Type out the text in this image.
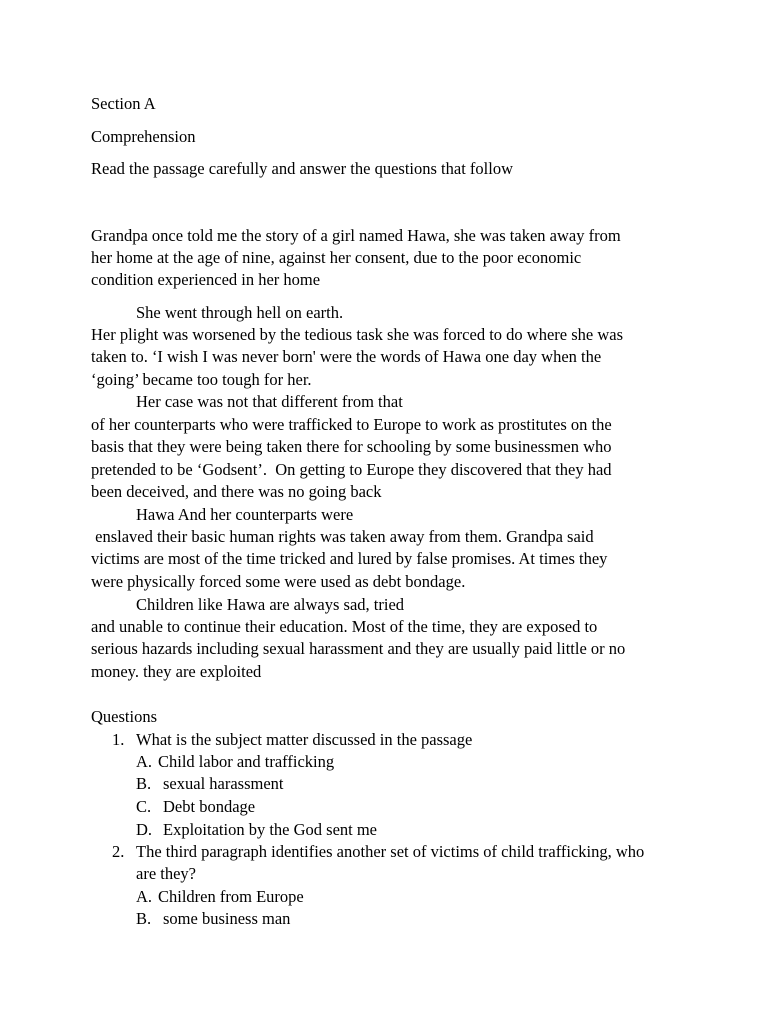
Section A
Comprehension
Read the passage carefully and answer the questions that follow
Grandpa once told me the story of a girl named Hawa, she was taken away from
her home at the age of nine, against her consent, due to the poor economic
condition experienced in her home
She went through hell on earth.
Her plight was worsened by the tedious task she was forced to do where she was
taken to. ‘I wish I was never born' were the words of Hawa one day when the
‘going’ became too tough for her.
Her case was not that different from that
of her counterparts who were trafficked to Europe to work as prostitutes on the
basis that they were being taken there for schooling by some businessmen who
pretended to be ‘Godsent’.  On getting to Europe they discovered that they had
been deceived, and there was no going back
Hawa And her counterparts were
enslaved their basic human rights was taken away from them. Grandpa said
victims are most of the time tricked and lured by false promises. At times they
were physically forced some were used as debt bondage.
Children like Hawa are always sad, tried
and unable to continue their education. Most of the time, they are exposed to
serious hazards including sexual harassment and they are usually paid little or no
money. they are exploited
Questions
1. What is the subject matter discussed in the passage
A. Child labor and trafficking
B. sexual harassment
C. Debt bondage
D. Exploitation by the God sent me
2. The third paragraph identifies another set of victims of child trafficking, who
are they?
A. Children from Europe
B. some business man
